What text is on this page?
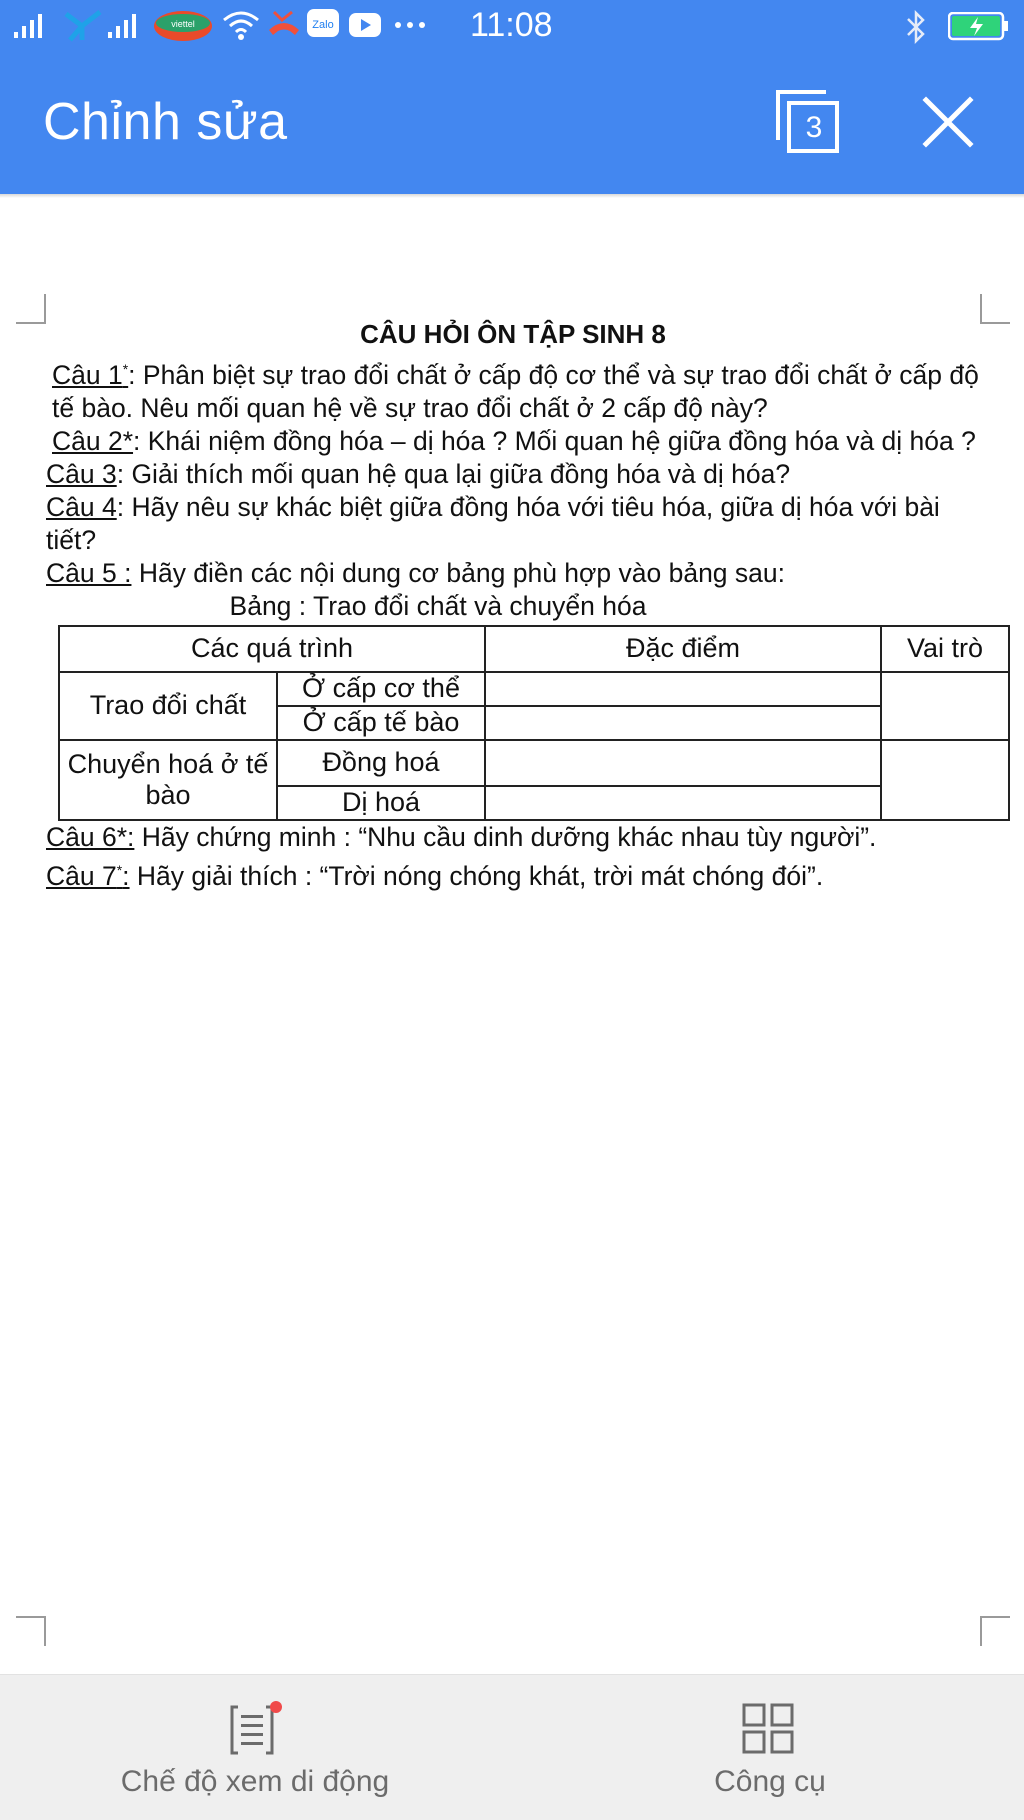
viettel	Zalo	11:08
Chỉnh sửa	3
CÂU HỎI ÔN TẬP SINH 8
Câu 1*: Phân biệt sự trao đổi chất ở cấp độ cơ thể và sự trao đổi chất ở cấp độ tế bào. Nêu mối quan hệ về sự trao đổi chất ở 2 cấp độ này?
Câu 2*: Khái niệm đồng hóa – dị hóa ? Mối quan hệ giữa đồng hóa và dị hóa ?
Câu 3: Giải thích mối quan hệ qua lại giữa đồng hóa và dị hóa?
Câu 4: Hãy nêu sự khác biệt giữa đồng hóa với tiêu hóa, giữa dị hóa với bài tiết?
Câu 5 : Hãy điền các nội dung cơ bảng phù hợp vào bảng sau:
Bảng : Trao đổi chất và chuyển hóa
Các quá trình		Đặc điểm	Vai trò
Trao đổi chất	Ở cấp cơ thể		
	Ở cấp tế bào		
Chuyển hoá ở tế bào	Đồng hoá		
	Dị hoá		
Câu 6*: Hãy chứng minh : “Nhu cầu dinh dưỡng khác nhau tùy người”.
Câu 7*: Hãy giải thích : “Trời nóng chóng khát, trời mát chóng đói”.
Chế độ xem di động	Công cụ
